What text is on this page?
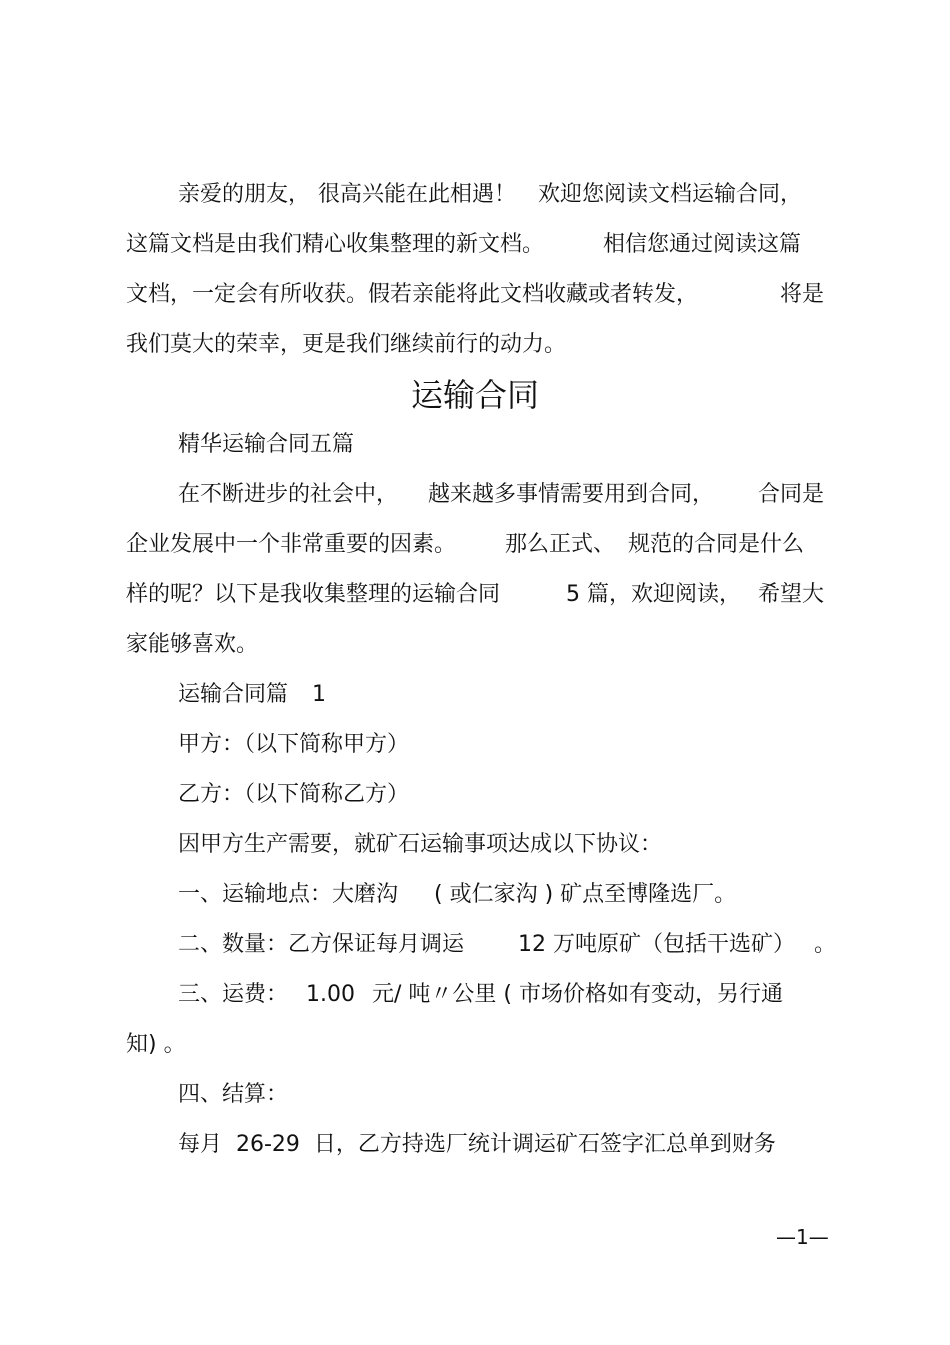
亲爱的朋友，

很高兴能在此相遇！

欢迎您阅读文档运输合同，

这篇文档是由我们精心收集整理的新文档。

	相信您通过阅读这篇

文档，一定会有所收获。假若亲能将此文档收藏或者转发，

	将是

我们莫大的荣幸，更是我们继续前行的动力。

运输合同

精华运输合同五篇

在不断进步的社会中，

越来越多事情需要用到合同，

合同是

企业发展中一个非常重要的因素。

那么正式、

规范的合同是什么

样的呢？以下是我收集整理的运输合同

	5 篇，欢迎阅读，

希望大

家能够喜欢。

运输合同篇

1

甲方：（以下简称甲方）

乙方：（以下简称乙方）

因甲方生产需要，就矿石运输事项达成以下协议：

一、运输地点：大磨沟

( 或仁家沟 ) 矿点至博隆选厂。

二、数量：乙方保证每月调运

12 万吨原矿（包括干选矿）

。

三、运费：

1.00

元/ 吨〃公里 ( 市场价格如有变动，另行通

知) 。

四、结算：

每月  26-29  日，乙方持选厂统计调运矿石签字汇总单到财务

—1—
